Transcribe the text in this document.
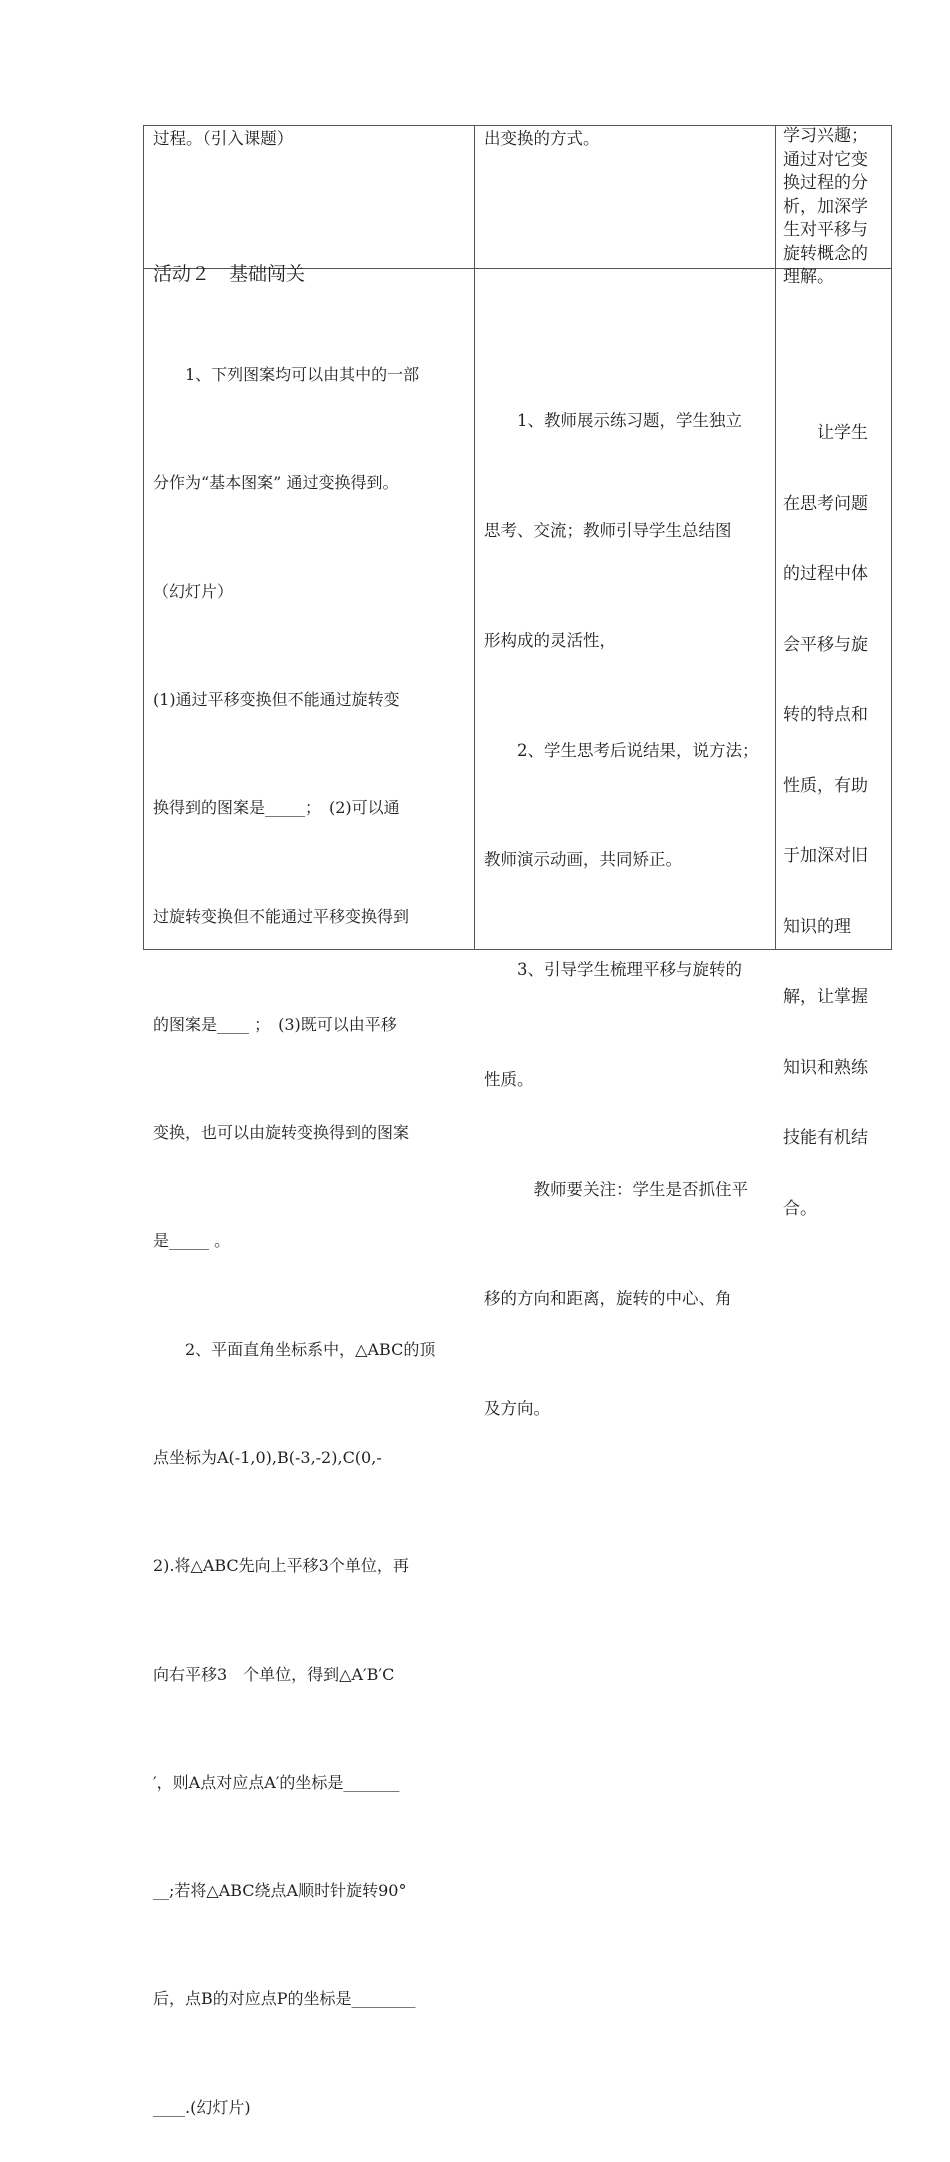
过程。（引入课题）	出变换的方式。	学习兴趣；
通过对它变
换过程的分
析，加深学
生对平移与
旋转概念的
理解。

　　让学生

在思考问题

的过程中体

会平移与旋

转的特点和

性质，有助

于加深对旧

知识的理

解，让掌握

知识和熟练

技能有机结

合。

活动２　基础闯关

　　1、下列图案均可以由其中的一部

分作为“基本图案” 通过变换得到。

（幻灯片）

(1)通过平移变换但不能通过旋转变

换得到的图案是_____；　(2)可以通

过旋转变换但不能通过平移变换得到

的图案是____ ；　(3)既可以由平移

变换，也可以由旋转变换得到的图案

是_____ 。

　　2、平面直角坐标系中，△ABC的顶

点坐标为A(-1,0),B(-3,-2),C(0,-

2).将△ABC先向上平移3个单位，再

向右平移3　个单位，得到△A′B′C

′，则A点对应点A′的坐标是_______

__;若将△ABC绕点A顺时针旋转90°

后，点B的对应点P的坐标是________

____.(幻灯片)

　　1、教师展示练习题，学生独立

思考、交流；教师引导学生总结图

形构成的灵活性，

　　2、学生思考后说结果，说方法；

教师演示动画，共同矫正。

　　3、引导学生梳理平移与旋转的

性质。

　　　教师要关注：学生是否抓住平

移的方向和距离，旋转的中心、角

及方向。
